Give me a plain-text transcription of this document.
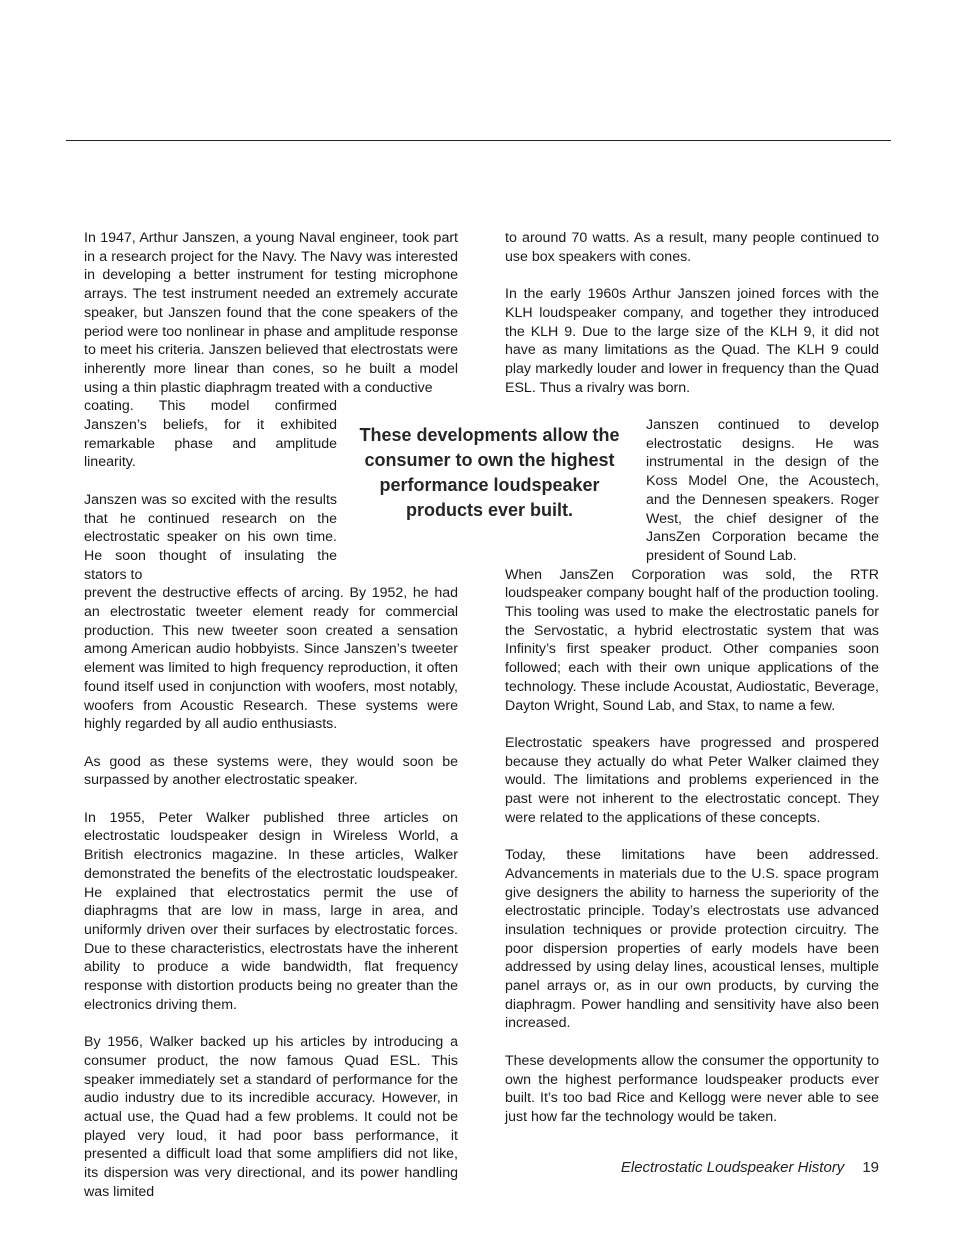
In 1947, Arthur Janszen, a young Naval engineer, took part in a research project for the Navy. The Navy was interested in developing a better instrument for testing microphone arrays. The test instrument needed an extremely accurate speaker, but Janszen found that the cone speakers of the period were too nonlinear in phase and amplitude response to meet his criteria. Janszen believed that electrostats were inherently more linear than cones, so he built a model using a thin plastic diaphragm treated with a conductive
coating. This model confirmed Janszen’s beliefs, for it exhibited remarkable phase and amplitude linearity.

Janszen was so excited with the results that he continued research on the electrostatic speaker on his own time. He soon thought of insulating the stators to
prevent the destructive effects of arcing. By 1952, he had an electrostatic tweeter element ready for commercial production. This new tweeter soon created a sensation among American audio hobbyists. Since Janszen’s tweeter element was limited to high frequency reproduction, it often found itself used in conjunction with woofers, most notably, woofers from Acoustic Research. These systems were highly regarded by all audio enthusiasts.

As good as these systems were, they would soon be surpassed by another electrostatic speaker.

In 1955, Peter Walker published three articles on electrostatic loudspeaker design in Wireless World, a British electronics magazine. In these articles, Walker demonstrated the benefits of the electrostatic loudspeaker. He explained that electrostatics permit the use of diaphragms that are low in mass, large in area, and uniformly driven over their surfaces by electrostatic forces. Due to these characteristics, electrostats have the inherent ability to produce a wide bandwidth, flat frequency response with distortion products being no greater than the electronics driving them.

By 1956, Walker backed up his articles by introducing a consumer product, the now famous Quad ESL. This speaker immediately set a standard of performance for the audio industry due to its incredible accuracy. However, in actual use, the Quad had a few problems. It could not be played very loud, it had poor bass performance, it presented a difficult load that some amplifiers did not like, its dispersion was very directional, and its power handling was limited

These developments allow the consumer to own the highest performance loudspeaker products ever built.

to around 70 watts. As a result, many people continued to use box speakers with cones.

In the early 1960s Arthur Janszen joined forces with the KLH loudspeaker company, and together they introduced the KLH 9. Due to the large size of the KLH 9, it did not have as many limitations as the Quad. The KLH 9 could play markedly louder and lower in frequency than the Quad ESL. Thus a rivalry was born.

Janszen continued to develop electrostatic designs. He was instrumental in the design of the Koss Model One, the Acoustech, and the Dennesen speakers. Roger West, the chief designer of the JansZen Corporation became the president of Sound Lab.
When JansZen Corporation was sold, the RTR loudspeaker company bought half of the production tooling. This tooling was used to make the electrostatic panels for the Servostatic, a hybrid electrostatic system that was Infinity’s first speaker product. Other companies soon followed; each with their own unique applications of the technology. These include Acoustat, Audiostatic, Beverage, Dayton Wright, Sound Lab, and Stax, to name a few.

Electrostatic speakers have progressed and prospered because they actually do what Peter Walker claimed they would. The limitations and problems experienced in the past were not inherent to the electrostatic concept. They were related to the applications of these concepts.

Today, these limitations have been addressed. Advancements in materials due to the U.S. space program give designers the ability to harness the superiority of the electrostatic principle. Today’s electrostats use advanced insulation techniques or provide protection circuitry. The poor dispersion properties of early models have been addressed by using delay lines, acoustical lenses, multiple panel arrays or, as in our own products, by curving the diaphragm. Power handling and sensitivity have also been increased.

These developments allow the consumer the opportunity to own the highest performance loudspeaker products ever built. It’s too bad Rice and Kellogg were never able to see just how far the technology would be taken.

Electrostatic Loudspeaker History 19
